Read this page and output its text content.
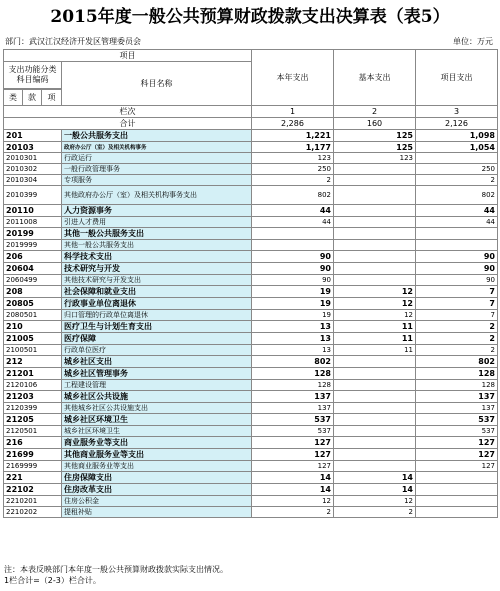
2015年度一般公共预算财政拨款支出决算表（表5）
部门：武汉江汉经济开发区管理委员会	单位：万元
项目				本年支出	基本支出	项目支出
支出功能分类科目编码			科目名称			

类	款	项				
栏次				1	2	3
合计				2,286	160	2,126
201			一般公共服务支出	1,221	125	1,098
20103			政府办公厅（室）及相关机构事务	1,177	125	1,054
2010301			行政运行	123	123	
2010302			一般行政管理事务	250		250
2010304			专项服务	2		2
2010399			其他政府办公厅（室）及相关机构事务支出	802		802
20110			人力资源事务	44		44
2011008			引进人才费用	44		44
20199			其他一般公共服务支出			
2019999			其他一般公共服务支出			
206			科学技术支出	90		90
20604			技术研究与开发	90		90
2060499			其他技术研究与开发支出	90		90
208			社会保障和就业支出	19	12	7
20805			行政事业单位离退休	19	12	7
2080501			归口管理的行政单位离退休	19	12	7
210			医疗卫生与计划生育支出	13	11	2
21005			医疗保障	13	11	2
2100501			行政单位医疗	13	11	2
212			城乡社区支出	802		802
21201			城乡社区管理事务	128		128
2120106			工程建设管理	128		128
21203			城乡社区公共设施	137		137
2120399			其他城乡社区公共设施支出	137		137
21205			城乡社区环境卫生	537		537
2120501			城乡社区环境卫生	537		537
216			商业服务业等支出	127		127
21699			其他商业服务业等支出	127		127
2169999			其他商业服务业等支出	127		127
221			住房保障支出	14	14	
22102			住房改革支出	14	14	
2210201			住房公积金	12	12	
2210202			提租补贴	2	2	
注：本表反映部门本年度一般公共预算财政拨款实际支出情况。
1栏合计=（2-3）栏合计。
